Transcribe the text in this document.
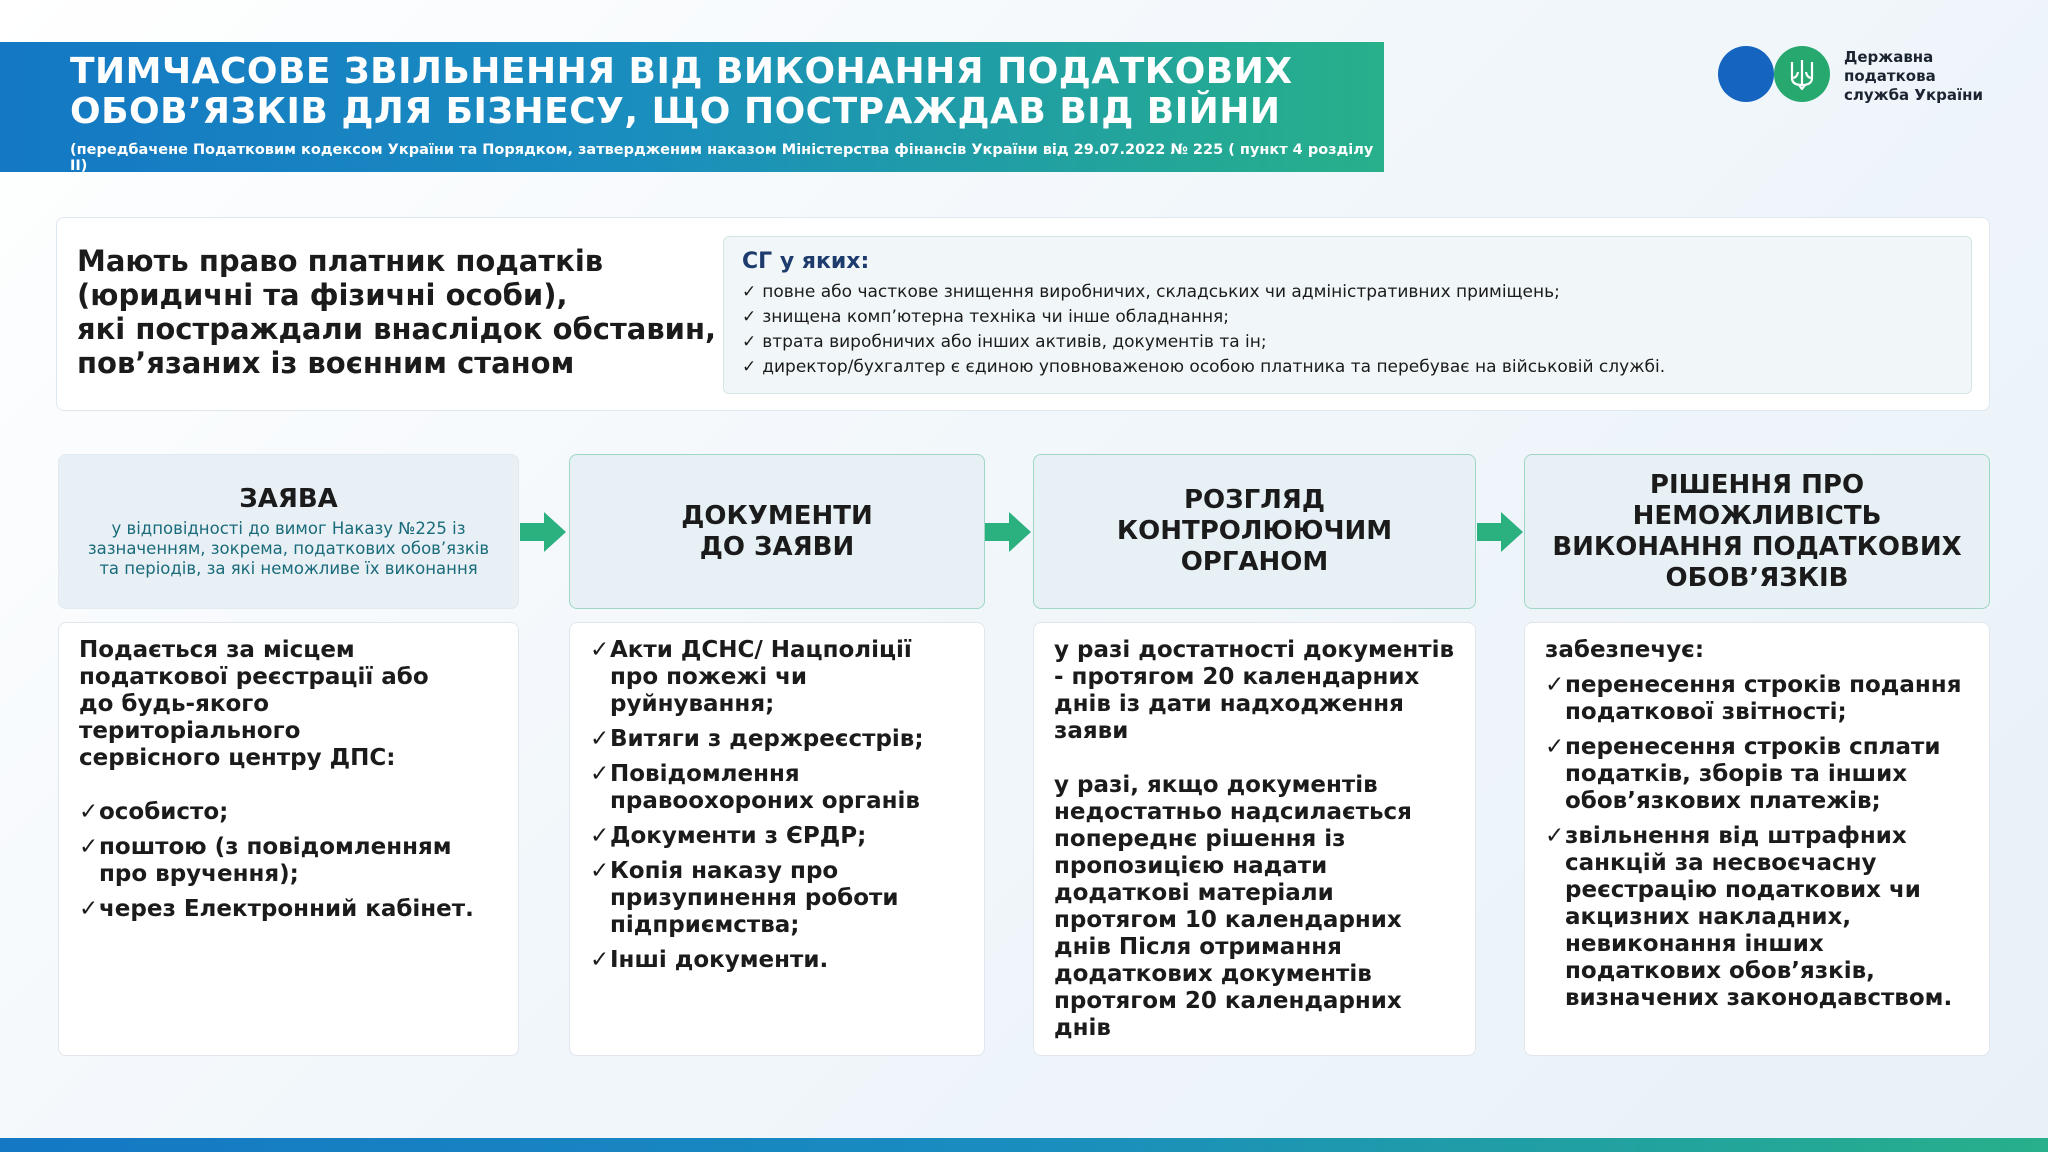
ТИМЧАСОВЕ ЗВІЛЬНЕННЯ ВІД ВИКОНАННЯ ПОДАТКОВИХ
ОБОВ’ЯЗКІВ ДЛЯ БІЗНЕСУ, ЩО ПОСТРАЖДАВ ВІД ВІЙНИ
(передбачене Податковим кодексом України та Порядком, затвердженим наказом Міністерства фінансів України від 29.07.2022 № 225 ( пункт 4 розділу II)
Державна
податкова
служба України
Мають право платник податків
(юридичні та фізичні особи),
які постраждали внаслідок обставин,
пов’язаних із воєнним станом
СГ у яких:
✓ повне або часткове знищення виробничих, складських чи адміністративних приміщень;
✓ знищена комп’ютерна техніка чи інше обладнання;
✓ втрата виробничих або інших активів, документів та ін;
✓ директор/бухгалтер є єдиною уповноваженою особою платника та перебуває на військовій службі.
ЗАЯВА
у відповідності до вимог Наказу №225 із зазначенням, зокрема, податкових обов’язків та періодів, за які неможливе їх виконання
ДОКУМЕНТИ
ДО ЗАЯВИ
РОЗГЛЯД
КОНТРОЛЮЮЧИМ
ОРГАНОМ
РІШЕННЯ ПРО
НЕМОЖЛИВІСТЬ
ВИКОНАННЯ ПОДАТКОВИХ
ОБОВ’ЯЗКІВ

Подається за місцем
податкової реєстрації або
до будь-якого територіального
сервісного центру ДПС:

✓ особисто;
✓ поштою (з повідомленням про вручення);
✓ через Електронний кабінет.
✓ Акти ДСНС/ Нацполіції про пожежі чи руйнування;
✓ Витяги з держреєстрів;
✓ Повідомлення правоохороних органів
✓ Документи з ЄРДР;
✓ Копія наказу про призупинення роботи підприємства;
✓ Інші документи.

у разі достатності документів - протягом 20 календарних днів із дати надходження заяви

у разі, якщо документів недостатньо надсилається попереднє рішення із пропозицією надати додаткові матеріали протягом 10 календарних днів Після отримання додаткових документів протягом 20 календарних днів

забезпечує:

✓ перенесення строків подання податкової звітності;
✓ перенесення строків сплати податків, зборів та інших обов’язкових платежів;
✓ звільнення від штрафних санкцій за несвоєчасну реєстрацію податкових чи акцизних накладних, невиконання інших податкових обов’язків, визначених законодавством.
